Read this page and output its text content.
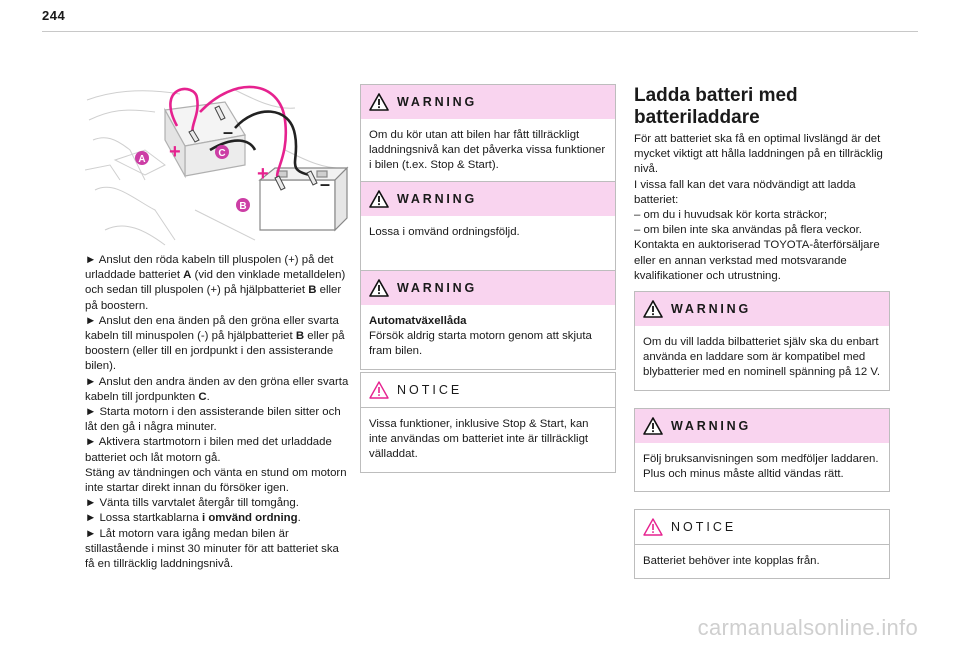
244
+
+
–
–
A
C
B

► Anslut den röda kabeln till pluspolen (+) på det urladdade batteriet A (vid den vinklade metalldelen) och sedan till pluspolen (+) på hjälpbatteriet B eller på boostern.

► Anslut den ena änden på den gröna eller svarta kabeln till minuspolen (-) på hjälpbatteriet B eller på boostern (eller till en jordpunkt i den assisterande bilen).

► Anslut den andra änden av den gröna eller svarta kabeln till jordpunkten C.

► Starta motorn i den assisterande bilen sitter och låt den gå i några minuter.

► Aktivera startmotorn i bilen med det urladdade batteriet och låt motorn gå.

Stäng av tändningen och vänta en stund om motorn inte startar direkt innan du försöker igen.

► Vänta tills varvtalet återgår till tomgång.

► Lossa startkablarna i omvänd ordning.

► Låt motorn vara igång medan bilen är stillastående i minst 30 minuter för att batteriet ska få en tillräcklig laddningsnivå.

WARNING
Om du kör utan att bilen har fått tillräckligt laddningsnivå kan det påverka vissa funktioner i bilen (t.ex. Stop & Start).
WARNING
Lossa i omvänd ordningsföljd.
WARNING

Automatväxellåda

Försök aldrig starta motorn genom att skjuta fram bilen.

NOTICE
Vissa funktioner, inklusive Stop & Start, kan inte användas om batteriet inte är tillräckligt välladdat.
Ladda batteri med batteriladdare

För att batteriet ska få en optimal livslängd är det mycket viktigt att hålla laddningen på en tillräcklig nivå.

I vissa fall kan det vara nödvändigt att ladda batteriet:

– om du i huvudsak kör korta sträckor;

– om bilen inte ska användas på flera veckor.

Kontakta en auktoriserad TOYOTA-återförsäljare eller en annan verkstad med motsvarande kvalifikationer och utrustning.

WARNING
Om du vill ladda bilbatteriet själv ska du enbart använda en laddare som är kompatibel med blybatterier med en nominell spänning på 12 V.
WARNING

Följ bruksanvisningen som medföljer laddaren.

Plus och minus måste alltid vändas rätt.

NOTICE
Batteriet behöver inte kopplas från.
carmanualsonline.info
